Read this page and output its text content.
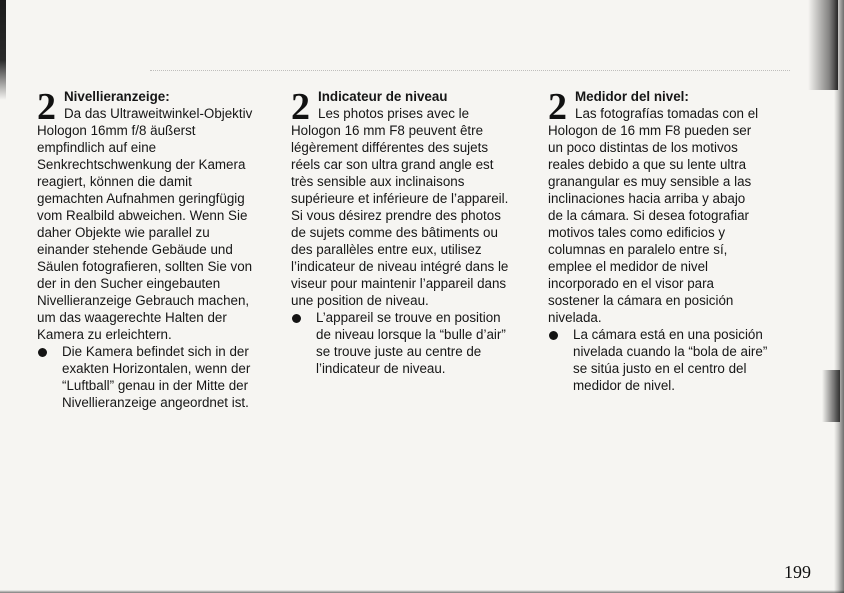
2 Nivellieranzeige:
Da das Ultraweitwinkel-Objektiv
Hologon 16mm f/8 äußerst
empfindlich auf eine
Senkrechtschwenkung der Kamera
reagiert, können die damit
gemachten Aufnahmen geringfügig
vom Realbild abweichen. Wenn Sie
daher Objekte wie parallel zu
einander stehende Gebäude und
Säulen fotografieren, sollten Sie von
der in den Sucher eingebauten
Nivellieranzeige Gebrauch machen,
um das waagerechte Halten der
Kamera zu erleichtern.
Die Kamera befindet sich in der
exakten Horizontalen, wenn der
“Luftball” genau in der Mitte der
Nivellieranzeige angeordnet ist.
2 Indicateur de niveau
Les photos prises avec le
Hologon 16 mm F8 peuvent être
légèrement différentes des sujets
réels car son ultra grand angle est
très sensible aux inclinaisons
supérieure et inférieure de l’appareil.
Si vous désirez prendre des photos
de sujets comme des bâtiments ou
des parallèles entre eux, utilisez
l’indicateur de niveau intégré dans le
viseur pour maintenir l’appareil dans
une position de niveau.
L’appareil se trouve en position
de niveau lorsque la “bulle d’air”
se trouve juste au centre de
l’indicateur de niveau.
2 Medidor del nivel:
Las fotografías tomadas con el
Hologon de 16 mm F8 pueden ser
un poco distintas de los motivos
reales debido a que su lente ultra
granangular es muy sensible a las
inclinaciones hacia arriba y abajo
de la cámara. Si desea fotografiar
motivos tales como edificios y
columnas en paralelo entre sí,
emplee el medidor de nivel
incorporado en el visor para
sostener la cámara en posición
nivelada.
La cámara está en una posición
nivelada cuando la “bola de aire”
se sitúa justo en el centro del
medidor de nivel.
199
